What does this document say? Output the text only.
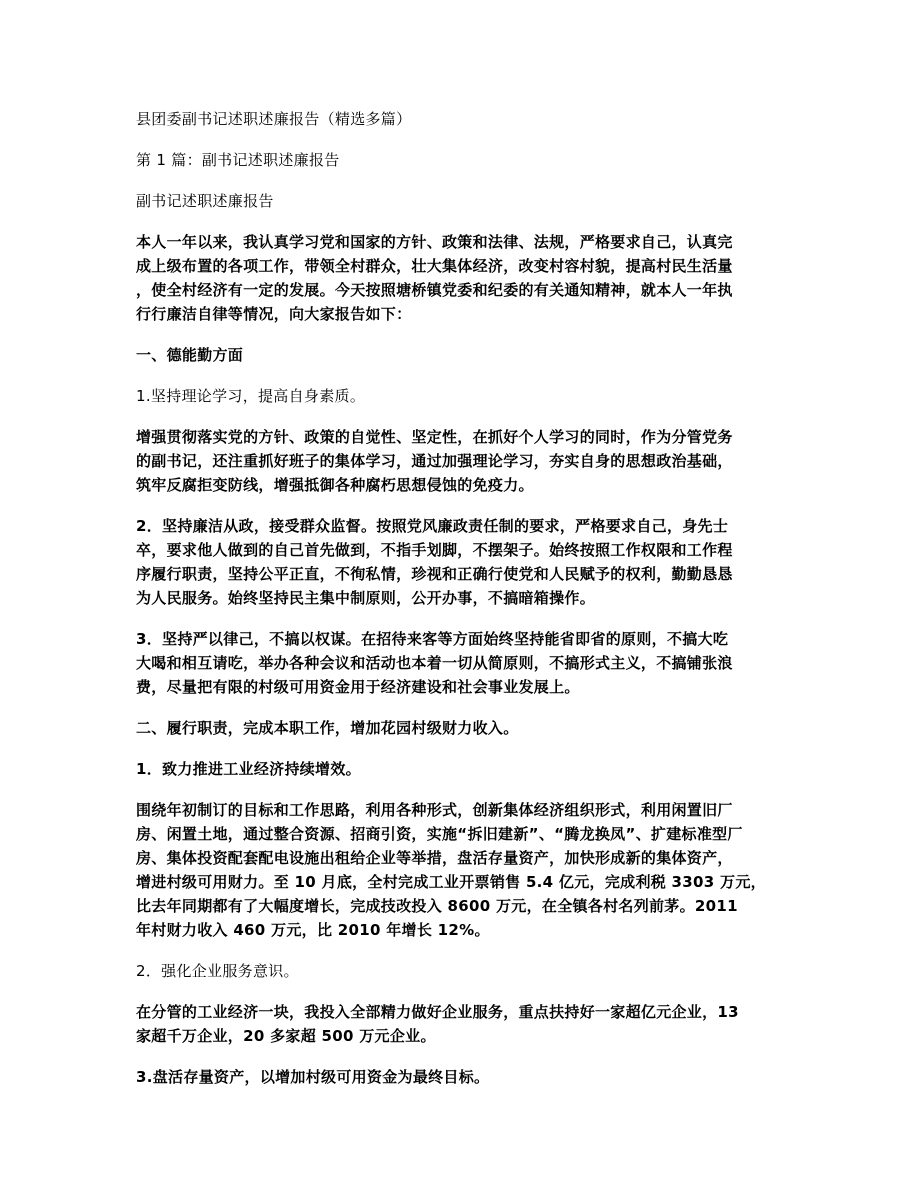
县团委副书记述职述廉报告（精选多篇）
第 1 篇：副书记述职述廉报告
副书记述职述廉报告
本人一年以来，我认真学习党和国家的方针、政策和法律、法规，严格要求自己，认真完
成上级布置的各项工作，带领全村群众，壮大集体经济，改变村容村貌，提高村民生活量
，使全村经济有一定的发展。今天按照塘桥镇党委和纪委的有关通知精神，就本人一年执
行行廉洁自律等情况，向大家报告如下：
一、德能勤方面
1.坚持理论学习，提高自身素质。
增强贯彻落实党的方针、政策的自觉性、坚定性，在抓好个人学习的同时，作为分管党务
的副书记，还注重抓好班子的集体学习，通过加强理论学习，夯实自身的思想政治基础，
筑牢反腐拒变防线，增强抵御各种腐朽思想侵蚀的免疫力。
2．坚持廉洁从政，接受群众监督。按照党风廉政责任制的要求，严格要求自己，身先士
卒，要求他人做到的自己首先做到，不指手划脚，不摆架子。始终按照工作权限和工作程
序履行职责，坚持公平正直，不徇私情，珍视和正确行使党和人民赋予的权利，勤勤恳恳
为人民服务。始终坚持民主集中制原则，公开办事，不搞暗箱操作。
3．坚持严以律己，不搞以权谋。在招待来客等方面始终坚持能省即省的原则，不搞大吃
大喝和相互请吃，举办各种会议和活动也本着一切从简原则，不搞形式主义，不搞铺张浪
费，尽量把有限的村级可用资金用于经济建设和社会事业发展上。
二、履行职责，完成本职工作，增加花园村级财力收入。
1．致力推进工业经济持续增效。
围绕年初制订的目标和工作思路，利用各种形式，创新集体经济组织形式，利用闲置旧厂
房、闲置土地，通过整合资源、招商引资，实施“拆旧建新”、“腾龙换凤”、扩建标准型厂
房、集体投资配套配电设施出租给企业等举措，盘活存量资产，加快形成新的集体资产，
增进村级可用财力。至 10 月底，全村完成工业开票销售 5.4 亿元，完成利税 3303 万元，
比去年同期都有了大幅度增长，完成技改投入 8600 万元，在全镇各村名列前茅。2011
年村财力收入 460 万元，比 2010 年增长 12%。
2．强化企业服务意识。
在分管的工业经济一块，我投入全部精力做好企业服务，重点扶持好一家超亿元企业，13
家超千万企业，20 多家超 500 万元企业。
3.盘活存量资产，以增加村级可用资金为最终目标。
